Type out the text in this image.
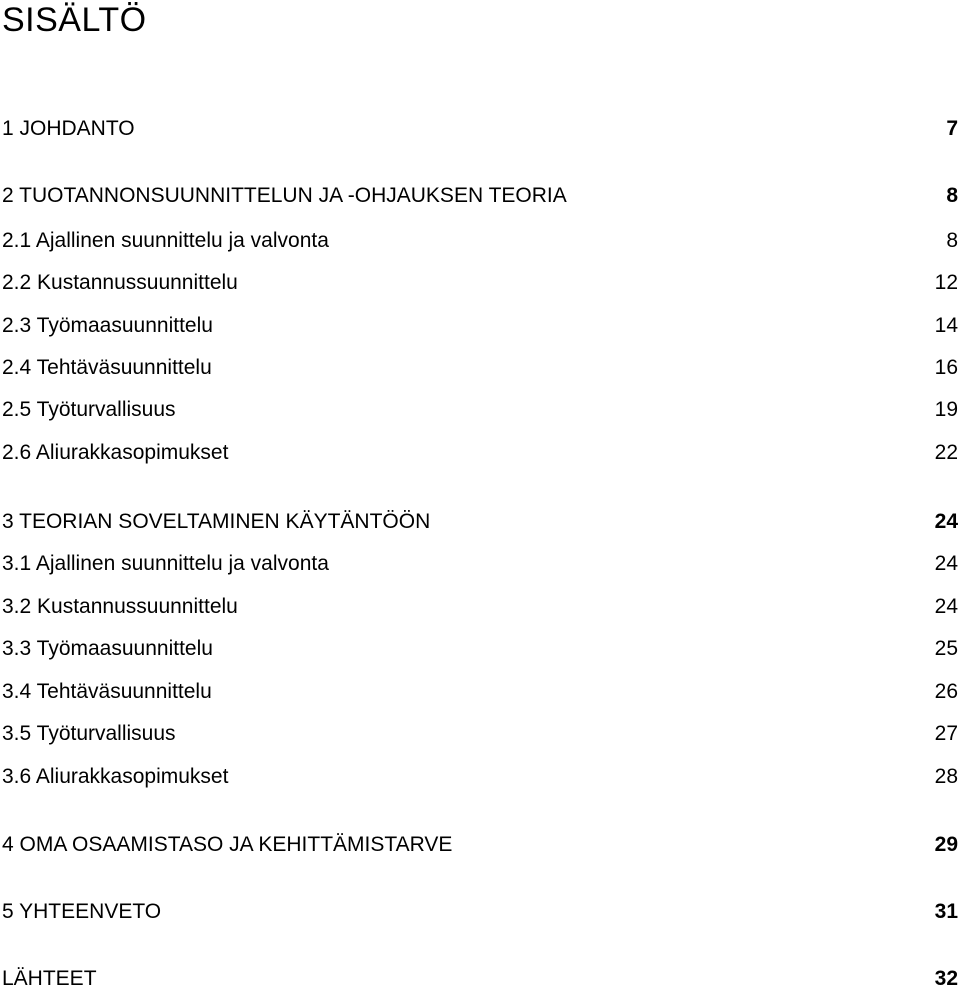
SISÄLTÖ
1 JOHDANTO	7
2 TUOTANNONSUUNNITTELUN JA -OHJAUKSEN TEORIA	8
2.1 Ajallinen suunnittelu ja valvonta	8
2.2 Kustannussuunnittelu	12
2.3 Työmaasuunnittelu	14
2.4 Tehtäväsuunnittelu	16
2.5 Työturvallisuus	19
2.6 Aliurakkasopimukset	22
3 TEORIAN SOVELTAMINEN KÄYTÄNTÖÖN	24
3.1 Ajallinen suunnittelu ja valvonta	24
3.2 Kustannussuunnittelu	24
3.3 Työmaasuunnittelu	25
3.4 Tehtäväsuunnittelu	26
3.5 Työturvallisuus	27
3.6 Aliurakkasopimukset	28
4 OMA OSAAMISTASO JA KEHITTÄMISTARVE	29
5 YHTEENVETO	31
LÄHTEET	32
